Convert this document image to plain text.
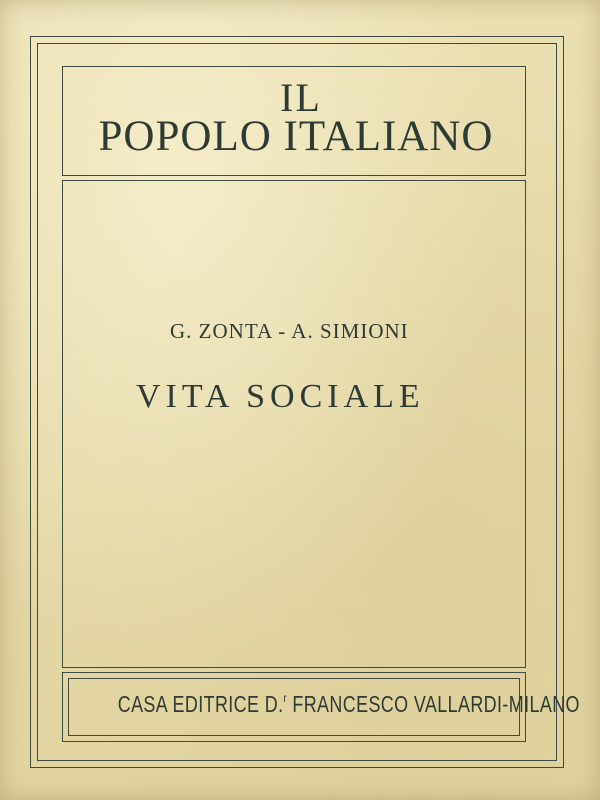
IL
POPOLO ITALIANO
G. ZONTA - A. SIMIONI
VITA SOCIALE
CASA EDITRICE D.$^r$ FRANCESCO VALLARDI-MILANO
